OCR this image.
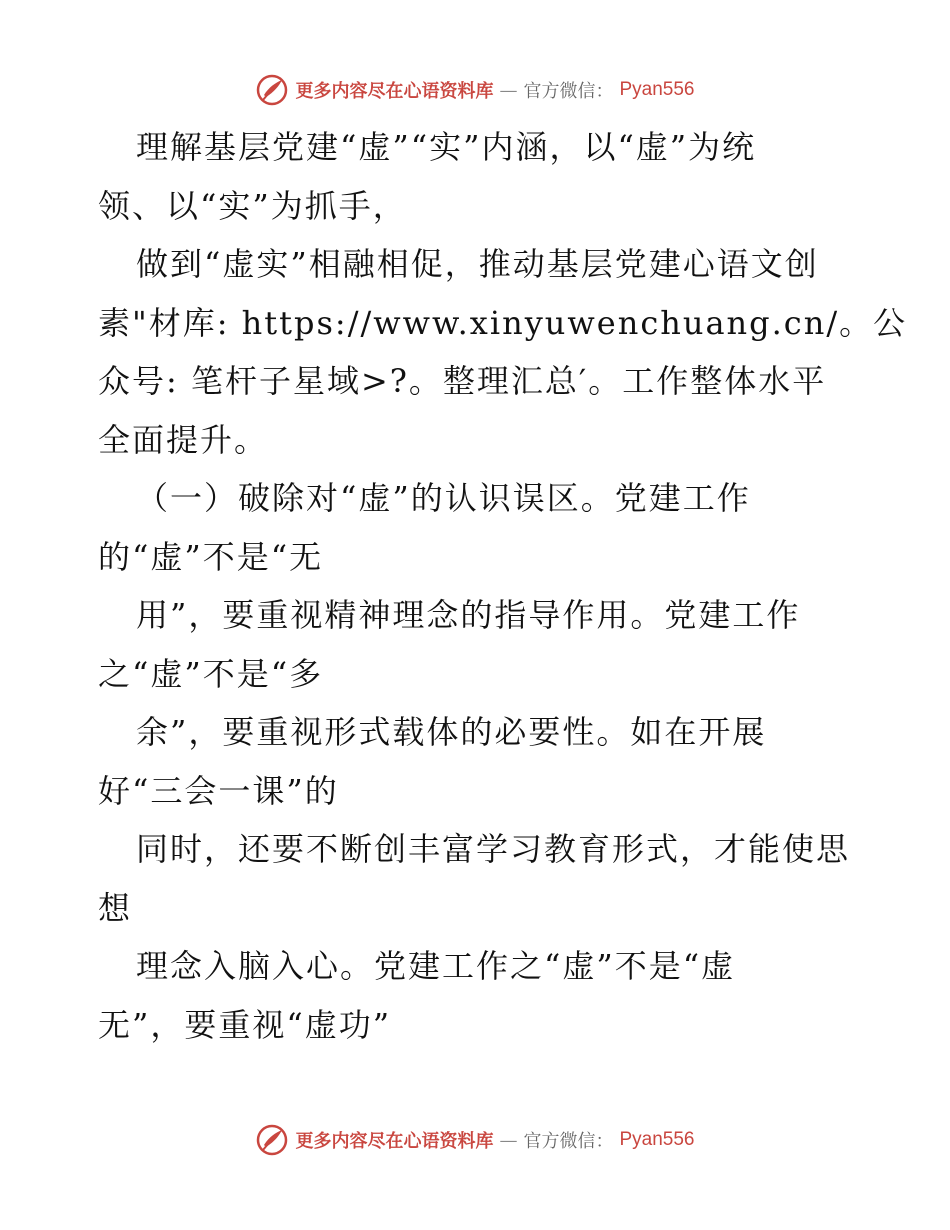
更多内容尽在心语资料库 — 官方微信： Pyan556
理解基层党建“虚”“实”内涵，以“虚”为统
领、以“实”为抓手，
做到“虚实”相融相促，推动基层党建心语文创
素"材库: https://www.xinyuwenchuang.cn/。公
众号: 笔杆子星域>?。整理汇总′。工作整体水平
全面提升。
（一）破除对“虚”的认识误区。党建工作
的“虚”不是“无
用”，要重视精神理念的指导作用。党建工作
之“虚”不是“多
余”，要重视形式载体的必要性。如在开展
好“三会一课”的
同时，还要不断创丰富学习教育形式，才能使思
想
理念入脑入心。党建工作之“虚”不是“虚
无”，要重视“虚功”
更多内容尽在心语资料库 — 官方微信： Pyan556
